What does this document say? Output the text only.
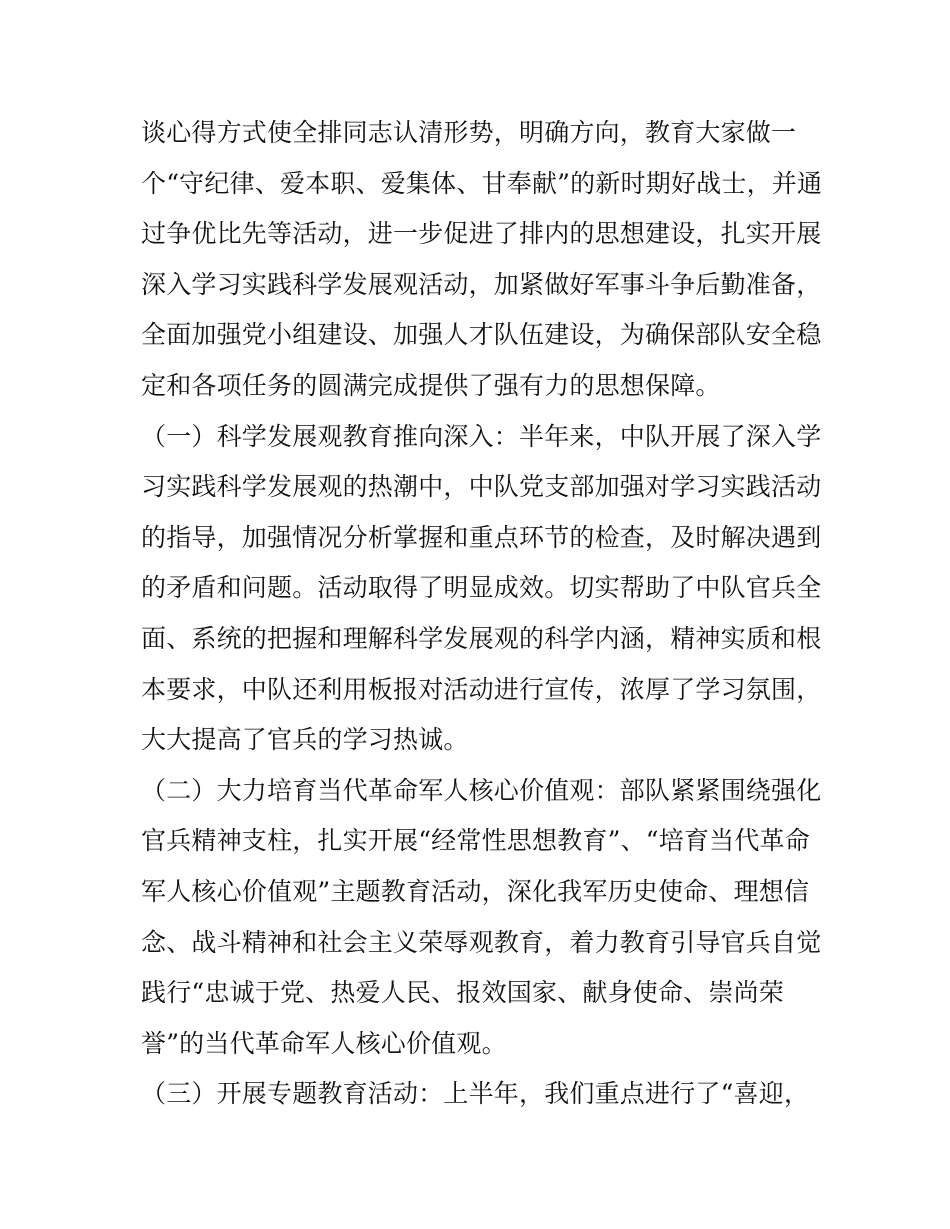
谈心得方式使全排同志认清形势，明确方向，教育大家做一
个“守纪律、爱本职、爱集体、甘奉献”的新时期好战士，并通
过争优比先等活动，进一步促进了排内的思想建设，扎实开展
深入学习实践科学发展观活动，加紧做好军事斗争后勤准备，
全面加强党小组建设、加强人才队伍建设，为确保部队安全稳
定和各项任务的圆满完成提供了强有力的思想保障。
（一）科学发展观教育推向深入：半年来，中队开展了深入学
习实践科学发展观的热潮中，中队党支部加强对学习实践活动
的指导，加强情况分析掌握和重点环节的检查，及时解决遇到
的矛盾和问题。活动取得了明显成效。切实帮助了中队官兵全
面、系统的把握和理解科学发展观的科学内涵，精神实质和根
本要求，中队还利用板报对活动进行宣传，浓厚了学习氛围，
大大提高了官兵的学习热诚。
（二）大力培育当代革命军人核心价值观：部队紧紧围绕强化
官兵精神支柱，扎实开展“经常性思想教育”、“培育当代革命
军人核心价值观”主题教育活动，深化我军历史使命、理想信
念、战斗精神和社会主义荣辱观教育，着力教育引导官兵自觉
践行“忠诚于党、热爱人民、报效国家、献身使命、崇尚荣
誉”的当代革命军人核心价值观。
（三）开展专题教育活动：上半年，我们重点进行了“喜迎，
